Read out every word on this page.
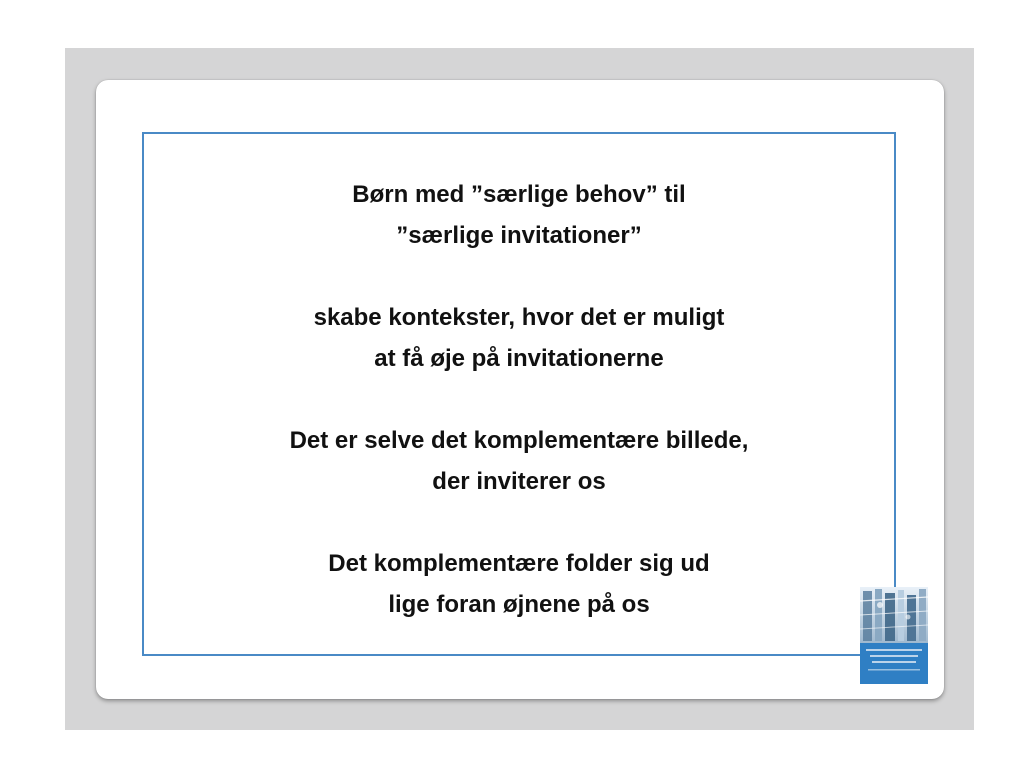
Børn med ”særlige behov” til
”særlige invitationer”
skabe kontekster, hvor det er muligt
at få øje på invitationerne
Det er selve det komplementære billede,
der inviterer os
Det komplementære folder sig ud
lige foran øjnene på os
